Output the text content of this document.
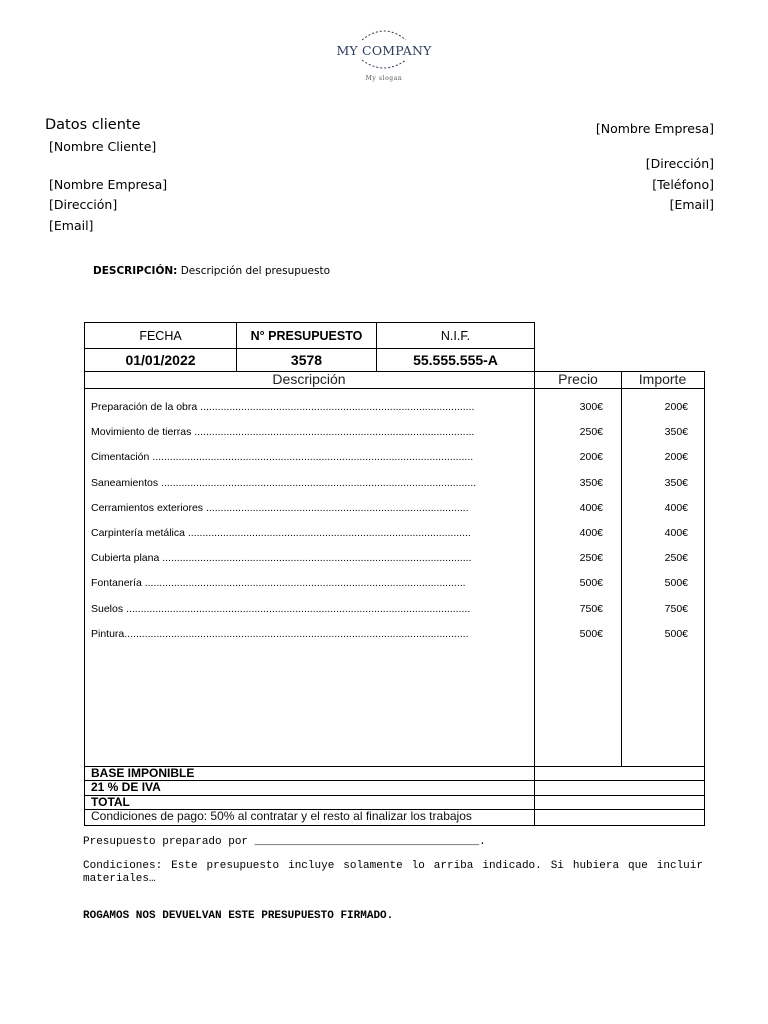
MY COMPANY
My slogan
Datos cliente
[Nombre Cliente]
[Nombre Empresa]
[Dirección]
[Email]
[Nombre Empresa]
[Dirección]
[Teléfono]
[Email]
DESCRIPCIÓN: Descripción del presupuesto
FECHA	N° PRESUPUESTO	N.I.F.
01/01/2022	3578	55.555.555-A
Descripción	Precio	Importe
Preparación de la obra ..............................................................................................	300€	200€
Movimiento de tierras ................................................................................................	250€	350€
Cimentación ..............................................................................................................	200€	200€
Saneamientos ............................................................................................................	350€	350€
Cerramientos exteriores ..........................................................................................	400€	400€
Carpintería metálica .................................................................................................	400€	400€
Cubierta plana ..........................................................................................................	250€	250€
Fontanería ..............................................................................................................	500€	500€
Suelos ......................................................................................................................	750€	750€
Pintura......................................................................................................................	500€	500€
BASE IMPONIBLE
21 % DE IVA
TOTAL
Condiciones de pago: 50% al contratar y el resto al finalizar los trabajos
Presupuesto preparado por __________________________________.
Condiciones: Este presupuesto incluye solamente lo arriba indicado. Si hubiera que incluir materiales…
ROGAMOS NOS DEVUELVAN ESTE PRESUPUESTO FIRMADO.
